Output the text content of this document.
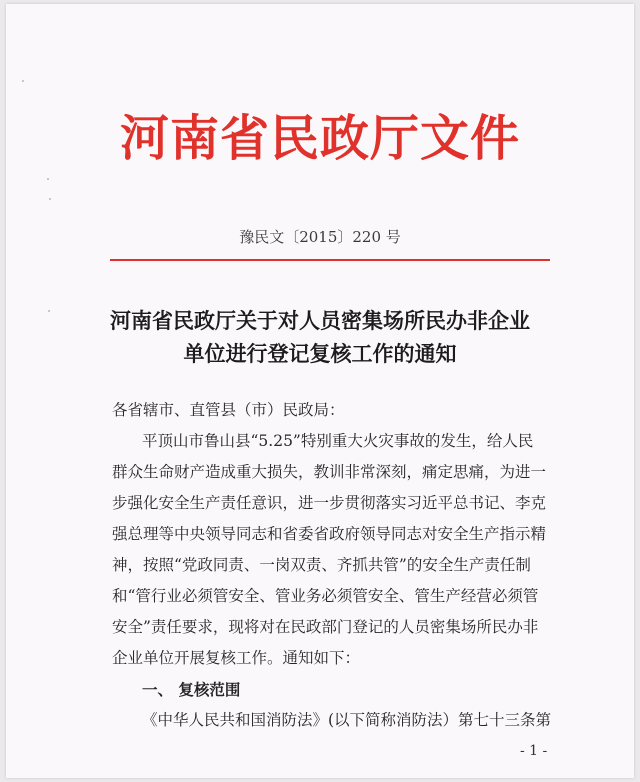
河南省民政厅文件
豫民文〔2015〕220 号
河南省民政厅关于对人员密集场所民办非企业
单位进行登记复核工作的通知
各省辖市、直管县（市）民政局：
平顶山市鲁山县“5.25”特别重大火灾事故的发生，给人民
群众生命财产造成重大损失，教训非常深刻，痛定思痛，为进一
步强化安全生产责任意识，进一步贯彻落实习近平总书记、李克
强总理等中央领导同志和省委省政府领导同志对安全生产指示精
神，按照“党政同责、一岗双责、齐抓共管”的安全生产责任制
和“管行业必须管安全、管业务必须管安全、管生产经营必须管
安全”责任要求，现将对在民政部门登记的人员密集场所民办非
企业单位开展复核工作。通知如下：
一、 复核范围
《中华人民共和国消防法》(以下简称消防法）第七十三条第
- 1 -
